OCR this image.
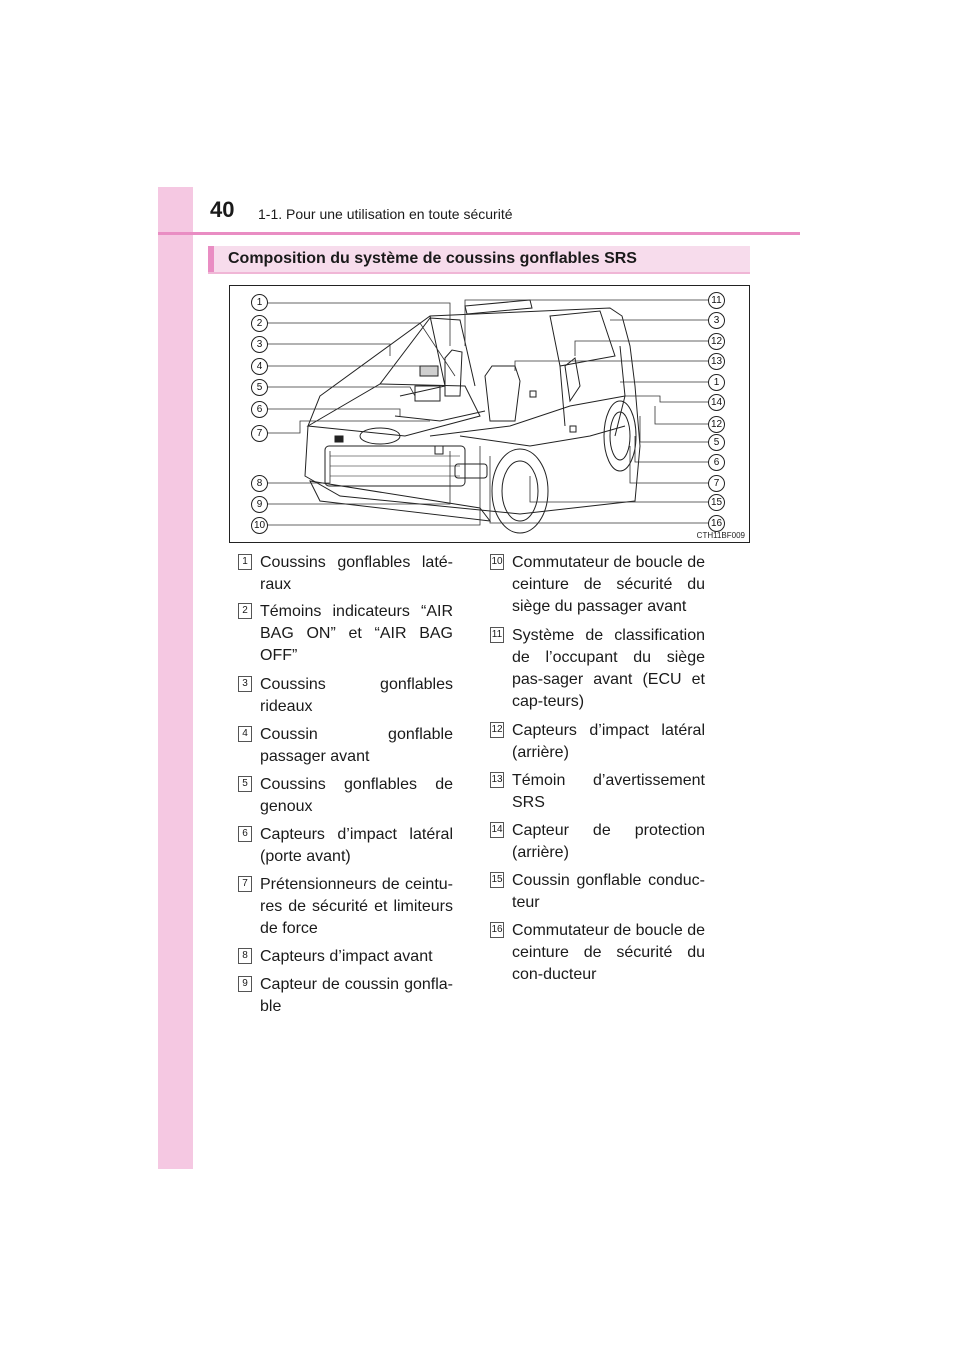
40 1-1. Pour une utilisation en toute sécurité
Composition du système de coussins gonflables SRS
1
2
3
4
5
6
7
8
9
10
11
3
12
13
1
14
12
5
6
7
15
16
CTH11BF009
1 Coussins gonflables laté-raux
2 Témoins indicateurs “AIR BAG ON” et “AIR BAG OFF”
3 Coussins gonflables rideaux
4 Coussin gonflable passager avant
5 Coussins gonflables de genoux
6 Capteurs d’impact latéral (porte avant)
7 Prétensionneurs de ceintu-res de sécurité et limiteurs de force
8 Capteurs d’impact avant
9 Capteur de coussin gonfla-ble
10 Commutateur de boucle de ceinture de sécurité du siège du passager avant
11 Système de classification de l’occupant du siège pas-sager avant (ECU et cap-teurs)
12 Capteurs d’impact latéral (arrière)
13 Témoin d’avertissement SRS
14 Capteur de protection (arrière)
15 Coussin gonflable conduc-teur
16 Commutateur de boucle de ceinture de sécurité du con-ducteur
